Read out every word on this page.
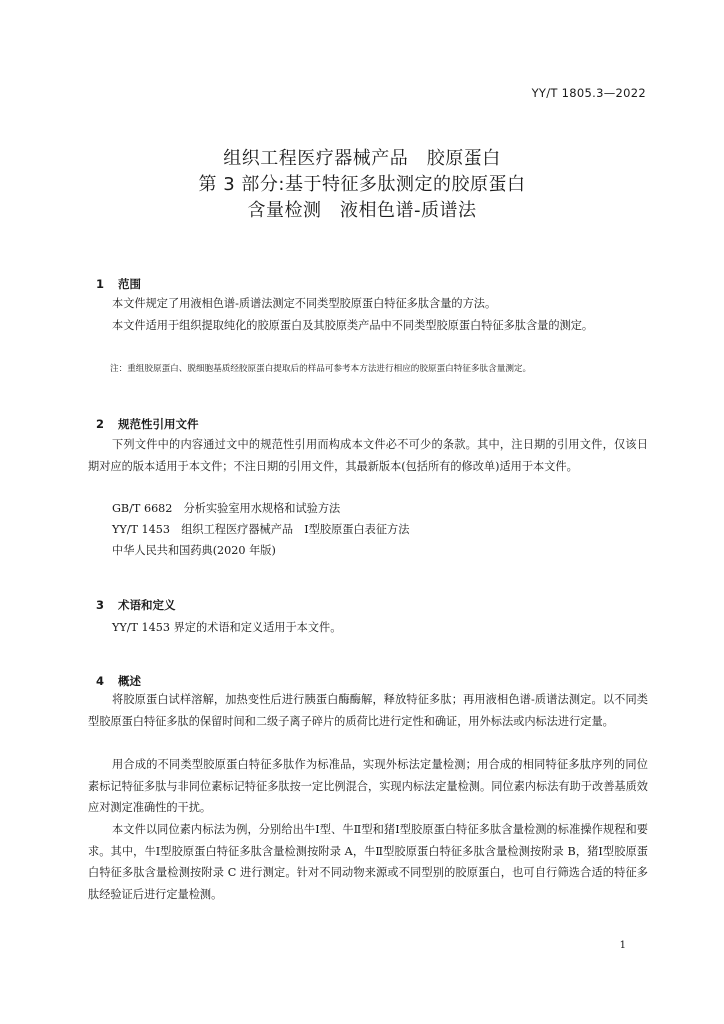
YY/T 1805.3—2022
组织工程医疗器械产品　胶原蛋白
第 3 部分:基于特征多肽测定的胶原蛋白
含量检测　液相色谱-质谱法

1 范围

本文件规定了用液相色谱-质谱法测定不同类型胶原蛋白特征多肽含量的方法。
本文件适用于组织提取纯化的胶原蛋白及其胶原类产品中不同类型胶原蛋白特征多肽含量的测定。
注：重组胶原蛋白、脱细胞基质经胶原蛋白提取后的样品可参考本方法进行相应的胶原蛋白特征多肽含量测定。

2 规范性引用文件

下列文件中的内容通过文中的规范性引用而构成本文件必不可少的条款。其中，注日期的引用文件，仅该日期对应的版本适用于本文件；不注日期的引用文件，其最新版本(包括所有的修改单)适用于本文件。
GB/T 6682　分析实验室用水规格和试验方法
YY/T 1453　组织工程医疗器械产品　Ⅰ型胶原蛋白表征方法
中华人民共和国药典(2020 年版)

3 术语和定义

YY/T 1453 界定的术语和定义适用于本文件。

4 概述

将胶原蛋白试样溶解，加热变性后进行胰蛋白酶酶解，释放特征多肽；再用液相色谱-质谱法测定。以不同类型胶原蛋白特征多肽的保留时间和二级子离子碎片的质荷比进行定性和确证，用外标法或内标法进行定量。
用合成的不同类型胶原蛋白特征多肽作为标准品，实现外标法定量检测；用合成的相同特征多肽序列的同位素标记特征多肽与非同位素标记特征多肽按一定比例混合，实现内标法定量检测。同位素内标法有助于改善基质效应对测定准确性的干扰。
本文件以同位素内标法为例，分别给出牛Ⅰ型、牛Ⅱ型和猪Ⅰ型胶原蛋白特征多肽含量检测的标准操作规程和要求。其中，牛Ⅰ型胶原蛋白特征多肽含量检测按附录 A，牛Ⅱ型胶原蛋白特征多肽含量检测按附录 B，猪Ⅰ型胶原蛋白特征多肽含量检测按附录 C 进行测定。针对不同动物来源或不同型别的胶原蛋白，也可自行筛选合适的特征多肽经验证后进行定量检测。
1
